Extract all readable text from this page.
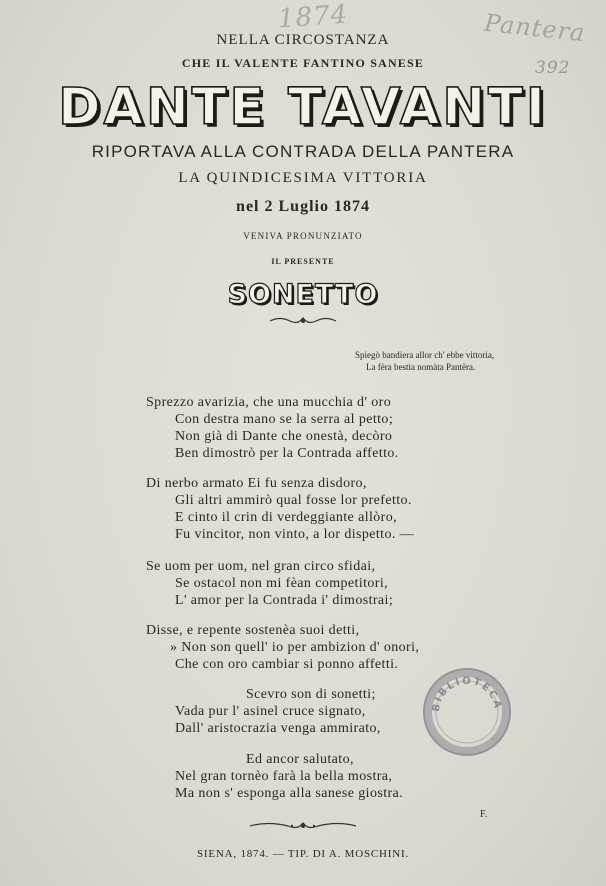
1874	Pantera
392
NELLA CIRCOSTANZA
CHE IL VALENTE FANTINO SANESE
DANTE TAVANTI
RIPORTAVA ALLA CONTRADA DELLA PANTERA
LA QUINDICESIMA VITTORIA
nel 2 Luglio 1874
VENIVA PRONUNZIATO
IL PRESENTE
SONETTO
Spiegò bandiera allor ch' ebbe vittoria,
La fèra bestia nomàta Pantèra.
Sprezzo avarizia, che una mucchia d' oro
Con destra mano se la serra al petto;
Non già di Dante che onestà, decòro
Ben dimostrò per la Contrada affetto.
Di nerbo armato Ei fu senza disdoro,
Gli altri ammirò qual fosse lor prefetto.
E cinto il crin di verdeggiante allòro,
Fu vincitor, non vinto, a lor dispetto. —
Se uom per uom, nel gran circo sfidai,
Se ostacol non mi fèan competitori,
L' amor per la Contrada i' dimostrai;
Disse, e repente sostenèa suoi detti,
» Non son quell' io per ambizion d' onori,
Che con oro cambiar si ponno affetti.
Scevro son di sonetti;
Vada pur l' asinel cruce signato,
Dall' aristocrazia venga ammirato,
Ed ancor salutato,
Nel gran tornèo farà la bella mostra,
Ma non s' esponga alla sanese giostra.
BIBLIOTECA
F.
SIENA, 1874. — TIP. DI A. MOSCHINI.
